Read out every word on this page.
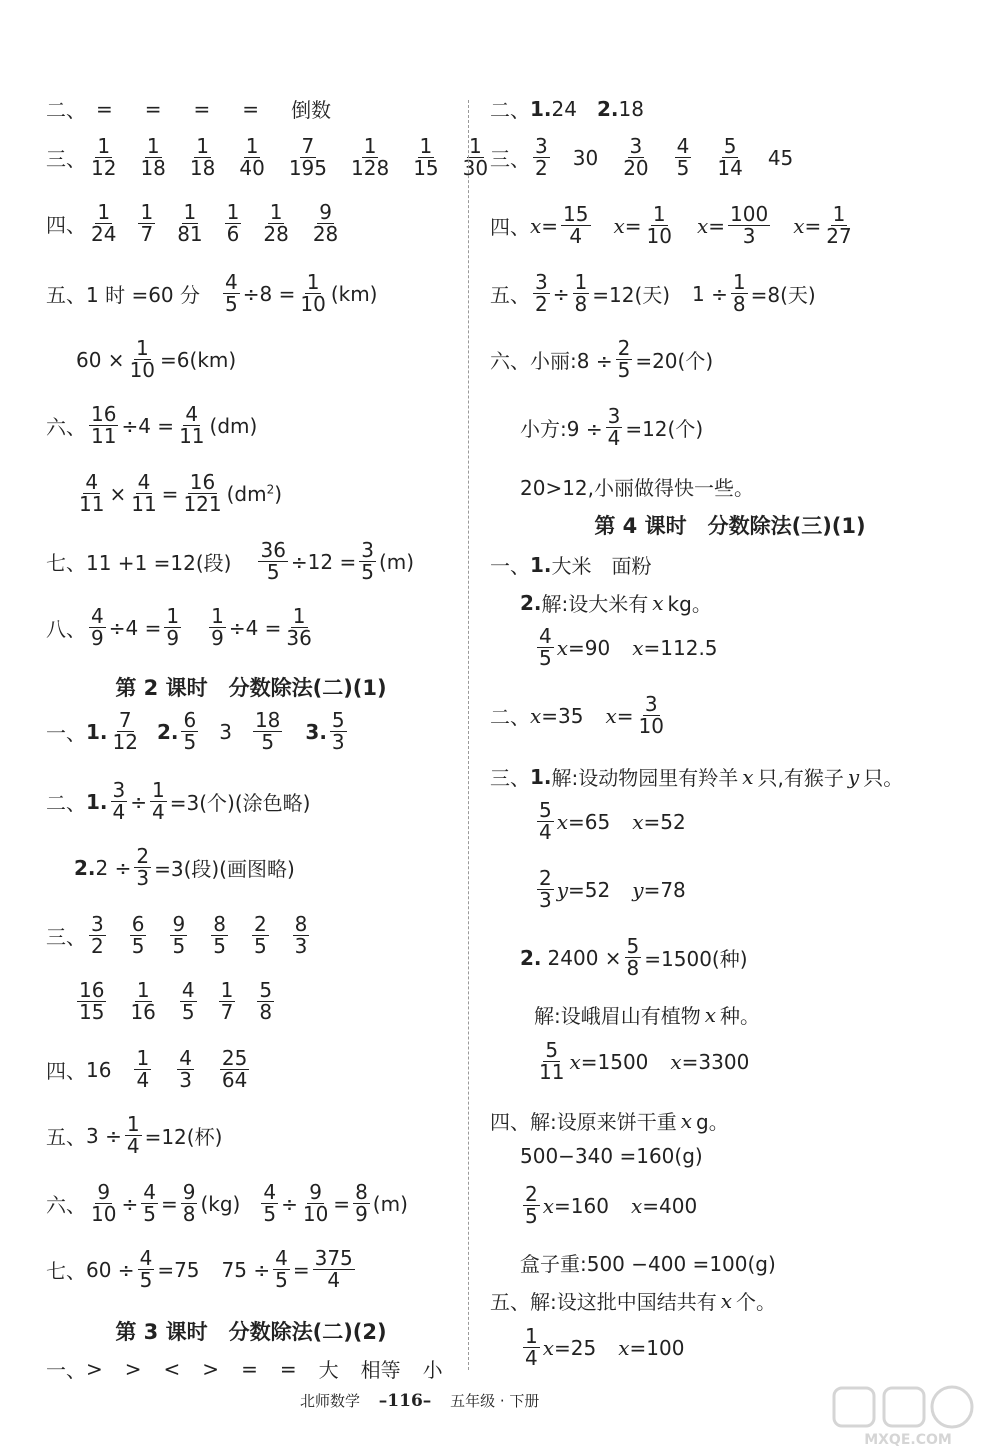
二、 = = = = 倒数
三、 $\frac{1}{12} \frac{1}{18} \frac{1}{18} \frac{1}{40} \frac{7}{195} \frac{1}{128} \frac{1}{15} \frac{1}{30}$
四、 $\frac{1}{24} \frac{1}{7} \frac{1}{81} \frac{1}{6} \frac{1}{28} \frac{9}{28}$
五、 1 时 =60 分 $\frac{4}{5} \div 8 = \frac{1}{10} (km)$
$60 \times \frac{1}{10} =6(km)$
六、 $\frac{16}{11} \div 4 = \frac{4}{11} (dm)$
$\frac{4}{11} \times \frac{4}{11} = \frac{16}{121} (dm^2)$
七、 11 +1 =12(段) $\frac{36}{5} \div 12 = \frac{3}{5} (m)$
八、 $\frac{4}{9} \div 4 = \frac{1}{9} \frac{1}{9} \div 4 = \frac{1}{36}$
第 2 课时　分数除法(二)(1)
一、 1. $\frac{7}{12} 2$. $\frac{6}{5} 3 \frac{18}{5} 3$. $\frac{5}{3}$
二、 1. $\frac{3}{4} \div \frac{1}{4} =3$(个)(涂色略)
2. $2 \div \frac{2}{3} =3$(段)(画图略)
三、 $\frac{3}{2} \frac{6}{5} \frac{9}{5} \frac{8}{5} \frac{2}{5} \frac{8}{3}$
$\frac{16}{15} \frac{1}{16} \frac{4}{5} \frac{1}{7} \frac{5}{8}$
四、 $16 \frac{1}{4} \frac{4}{3} \frac{25}{64}$
五、 $3 \div \frac{1}{4} =12$(杯)
六、 $\frac{9}{10} \div \frac{4}{5} = \frac{9}{8} (kg) \frac{4}{5} \div \frac{9}{10} = \frac{8}{9} (m)$
七、 $60 \div \frac{4}{5} =75$ $75 \div \frac{4}{5} = \frac{375}{4}$
第 3 课时　分数除法(二)(2)
一、 > > < > = = 大 相等 小
二、 1. 24 2. 18
三、 $\frac{3}{2} 30 \frac{3}{20} \frac{4}{5} \frac{5}{14} 45$
四、 $x = \frac{15}{4}$ $x = \frac{1}{10}$ $x = \frac{100}{3}$ $x = \frac{1}{27}$
五、 $\frac{3}{2} \div \frac{1}{8} =12$(天) $1 \div \frac{1}{8} =8$(天)
六、 小丽:8 ÷ $\frac{2}{5} =20$(个)
小方:9 ÷ $\frac{3}{4} =12$(个)
20>12,小丽做得快一些。
第 4 课时　分数除法(三)(1)
一、 1. 大米　面粉
2. 解:设大米有 x kg。
$\frac{4}{5}$ x =90 x =112.5
二、 x =35 $x = \frac{3}{10}$
三、 1. 解:设动物园里有羚羊 x 只,有猴子 y 只。
$\frac{5}{4}$ x =65 x =52
$\frac{2}{3}$ y =52 y =78
2. $2400 \times \frac{5}{8} =1500$(种)
解:设峨眉山有植物 x 种。
$\frac{5}{11}$ x =1500 x =3300
四、 解:设原来饼干重 x g。
500−340 =160(g)
$\frac{2}{5}$ x =160 x =400
盒子重:500 −400 =100(g)
五、 解:设这批中国结共有 x 个。
$\frac{1}{4}$ x =25 x =100
北师数学 –116– 五年级 · 下册
MXQE.COM
